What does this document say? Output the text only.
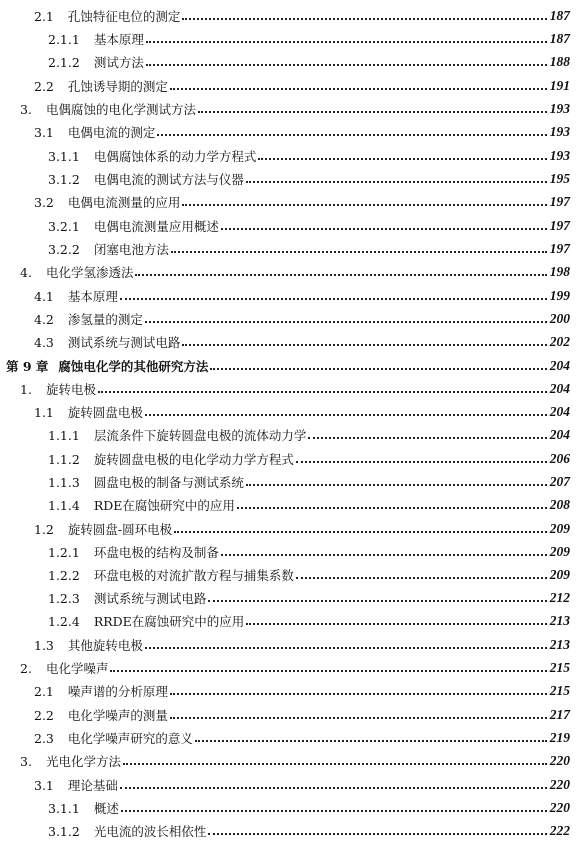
2.1 孔蚀特征电位的测定	187
2.1.1 基本原理	187
2.1.2 测试方法	188
2.2 孔蚀诱导期的测定	191
3. 电偶腐蚀的电化学测试方法	193
3.1 电偶电流的测定	193
3.1.1 电偶腐蚀体系的动力学方程式	193
3.1.2 电偶电流的测试方法与仪器	195
3.2 电偶电流测量的应用	197
3.2.1 电偶电流测量应用概述	197
3.2.2 闭塞电池方法	197
4. 电化学氢渗透法	198
4.1 基本原理	199
4.2 渗氢量的测定	200
4.3 测试系统与测试电路	202
第 9 章 腐蚀电化学的其他研究方法	204
1. 旋转电极	204
1.1 旋转圆盘电极	204
1.1.1 层流条件下旋转圆盘电极的流体动力学	204
1.1.2 旋转圆盘电极的电化学动力学方程式	206
1.1.3 圆盘电极的制备与测试系统	207
1.1.4 RDE在腐蚀研究中的应用	208
1.2 旋转圆盘-圆环电极	209
1.2.1 环盘电极的结构及制备	209
1.2.2 环盘电极的对流扩散方程与捕集系数	209
1.2.3 测试系统与测试电路	212
1.2.4 RRDE在腐蚀研究中的应用	213
1.3 其他旋转电极	213
2. 电化学噪声	215
2.1 噪声谱的分析原理	215
2.2 电化学噪声的测量	217
2.3 电化学噪声研究的意义	219
3. 光电化学方法	220
3.1 理论基础	220
3.1.1 概述	220
3.1.2 光电流的波长相依性	222
